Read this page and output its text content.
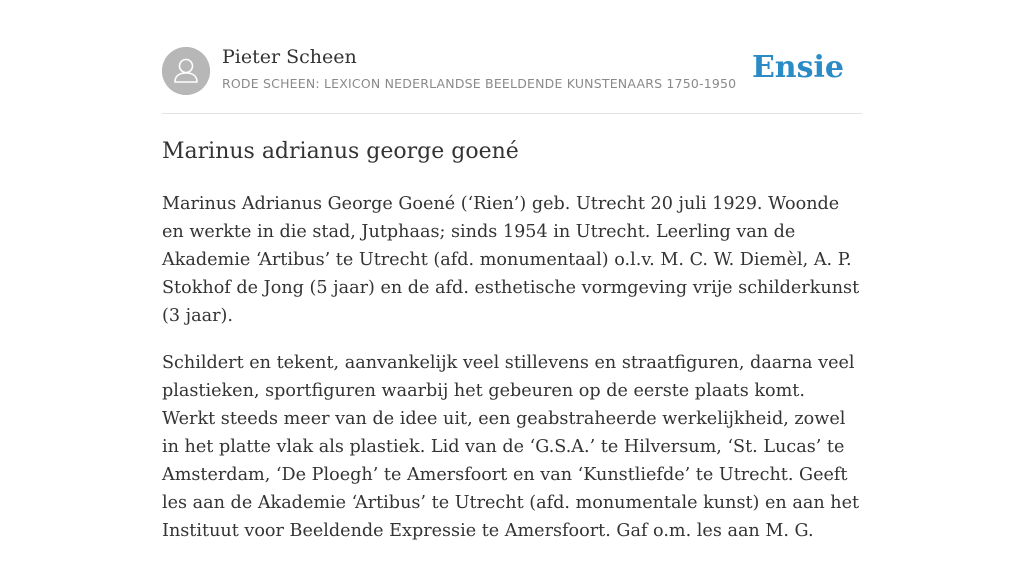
Pieter Scheen
RODE SCHEEN: LEXICON NEDERLANDSE BEELDENDE KUNSTENAARS 1750-1950 Ensie
Marinus adrianus george goené

Marinus Adrianus George Goené (‘Rien’) geb. Utrecht 20 juli 1929. Woonde en werkte in die stad, Jutphaas; sinds 1954 in Utrecht. Leerling van de Akademie ‘Artibus’ te Utrecht (afd. monumentaal) o.l.v. M. C. W. Diemèl, A. P. Stokhof de Jong (5 jaar) en de afd. esthetische vormgeving vrije schilderkunst (3 jaar).

Schildert en tekent, aanvankelijk veel stillevens en straatfiguren, daarna veel plastieken, sportfiguren waarbij het gebeuren op de eerste plaats komt. Werkt steeds meer van de idee uit, een geabstraheerde werkelijkheid, zowel in het platte vlak als plastiek. Lid van de ‘G.S.A.’ te Hilversum, ‘St. Lucas’ te Amsterdam, ‘De Ploegh’ te Amersfoort en van ‘Kunstliefde’ te Utrecht. Geeft les aan de Akademie ‘Artibus’ te Utrecht (afd. monumentale kunst) en aan het Instituut voor Beeldende Expressie te Amersfoort. Gaf o.m. les aan M. G.
